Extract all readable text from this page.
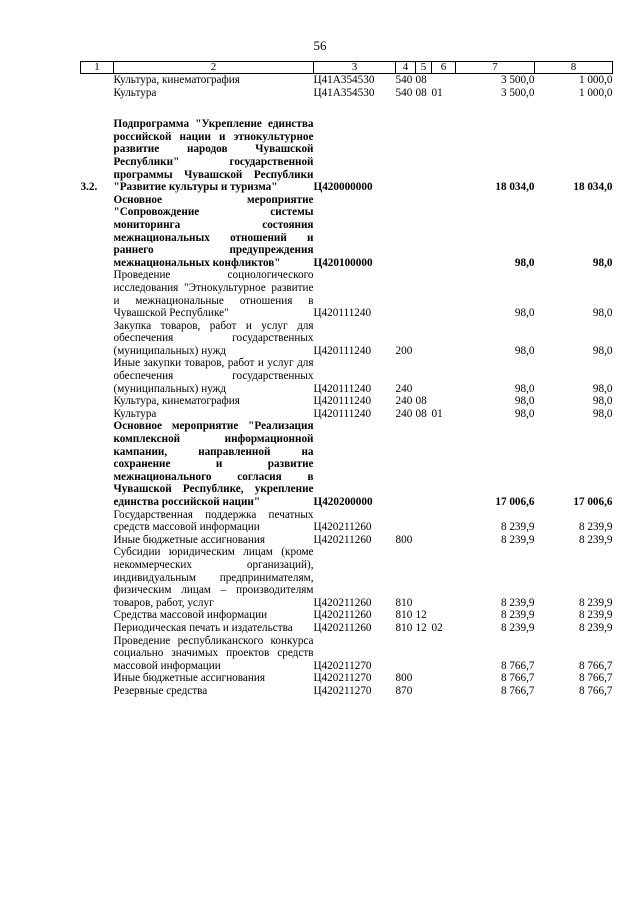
56
1	2	3	4	5	6	7	8
	Культура, кинематография	Ц41А354530	540	08		3 500,0	1 000,0
	Культура	Ц41А354530	540	08	01	3 500,0	1 000,0

3.2.	Подпрограмма "Укрепление единства российской нации и этнокультурное развитие народов Чувашской Республики" государственной программы Чувашской Республики "Развитие культуры и туризма"	Ц420000000				18 034,0	18 034,0
	Основное мероприятие "Сопровождение системы мониторинга состояния межнациональных отношений и раннего предупреждения межнациональных конфликтов"	Ц420100000				98,0	98,0
	Проведение социологического исследования "Этнокультурное развитие и межнациональные отношения в Чувашской Республике"	Ц420111240				98,0	98,0
	Закупка товаров, работ и услуг для обеспечения государственных (муниципальных) нужд	Ц420111240	200			98,0	98,0
	Иные закупки товаров, работ и услуг для обеспечения государственных (муниципальных) нужд	Ц420111240	240			98,0	98,0
	Культура, кинематография	Ц420111240	240	08		98,0	98,0
	Культура	Ц420111240	240	08	01	98,0	98,0
	Основное мероприятие "Реализация комплексной информационной кампании, направленной на сохранение и развитие межнационального согласия в Чувашской Республике, укрепление единства российской нации"	Ц420200000				17 006,6	17 006,6
	Государственная поддержка печатных средств массовой информации	Ц420211260				8 239,9	8 239,9
	Иные бюджетные ассигнования	Ц420211260	800			8 239,9	8 239,9
	Субсидии юридическим лицам (кроме некоммерческих организаций), индивидуальным предпринимателям, физическим лицам – производителям товаров, работ, услуг	Ц420211260	810			8 239,9	8 239,9
	Средства массовой информации	Ц420211260	810	12		8 239,9	8 239,9
	Периодическая печать и издательства	Ц420211260	810	12	02	8 239,9	8 239,9
	Проведение республиканского конкурса социально значимых проектов средств массовой информации	Ц420211270				8 766,7	8 766,7
	Иные бюджетные ассигнования	Ц420211270	800			8 766,7	8 766,7
	Резервные средства	Ц420211270	870			8 766,7	8 766,7
